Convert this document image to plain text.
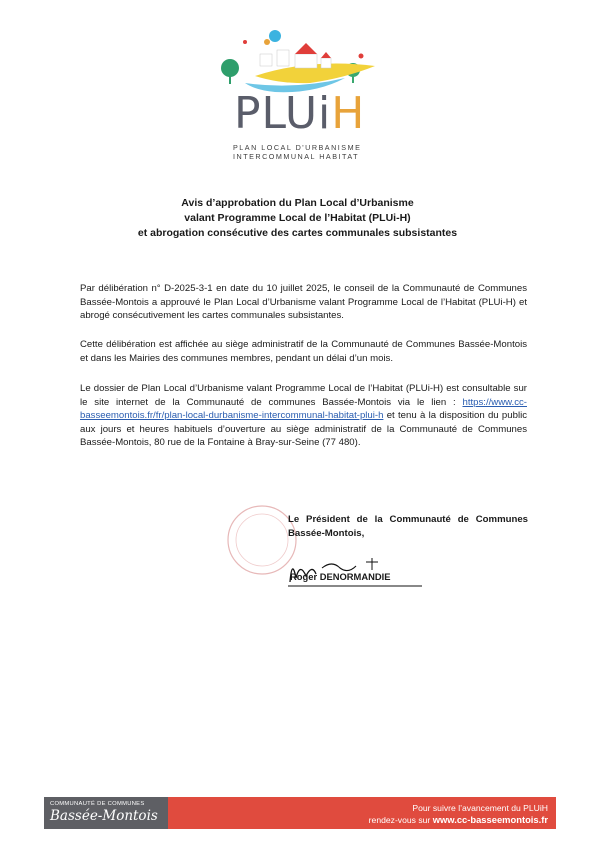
PLUiH
PLAN LOCAL D'URBANISME
INTERCOMMUNAL HABITAT
Avis d’approbation du Plan Local d’Urbanisme
valant Programme Local de l’Habitat (PLUi-H)
et abrogation consécutive des cartes communales subsistantes
Par délibération n° D-2025-3-1 en date du 10 juillet 2025, le conseil de la Communauté de Communes Bassée-Montois a approuvé le Plan Local d’Urbanisme valant Programme Local de l’Habitat (PLUi-H) et abrogé consécutivement les cartes communales subsistantes.
Cette délibération est affichée au siège administratif de la Communauté de Communes Bassée-Montois et dans les Mairies des communes membres, pendant un délai d’un mois.
Le dossier de Plan Local d’Urbanisme valant Programme Local de l’Habitat (PLUi-H) est consultable sur le site internet de la Communauté de communes Bassée-Montois via le lien : https://www.cc-basseemontois.fr/fr/plan-local-durbanisme-intercommunal-habitat-plui-h et tenu à la disposition du public aux jours et heures habituels d’ouverture au siège administratif de la Communauté de Communes Bassée-Montois, 80 rue de la Fontaine à Bray-sur-Seine (77 480).
Le Président de la Communauté de Communes Bassée-Montois,
Roger DENORMANDIE
COMMUNAUTÉ DE COMMUNES
Bassée-Montois	Pour suivre l’avancement du PLUiH
rendez-vous sur www.cc-basseemontois.fr
